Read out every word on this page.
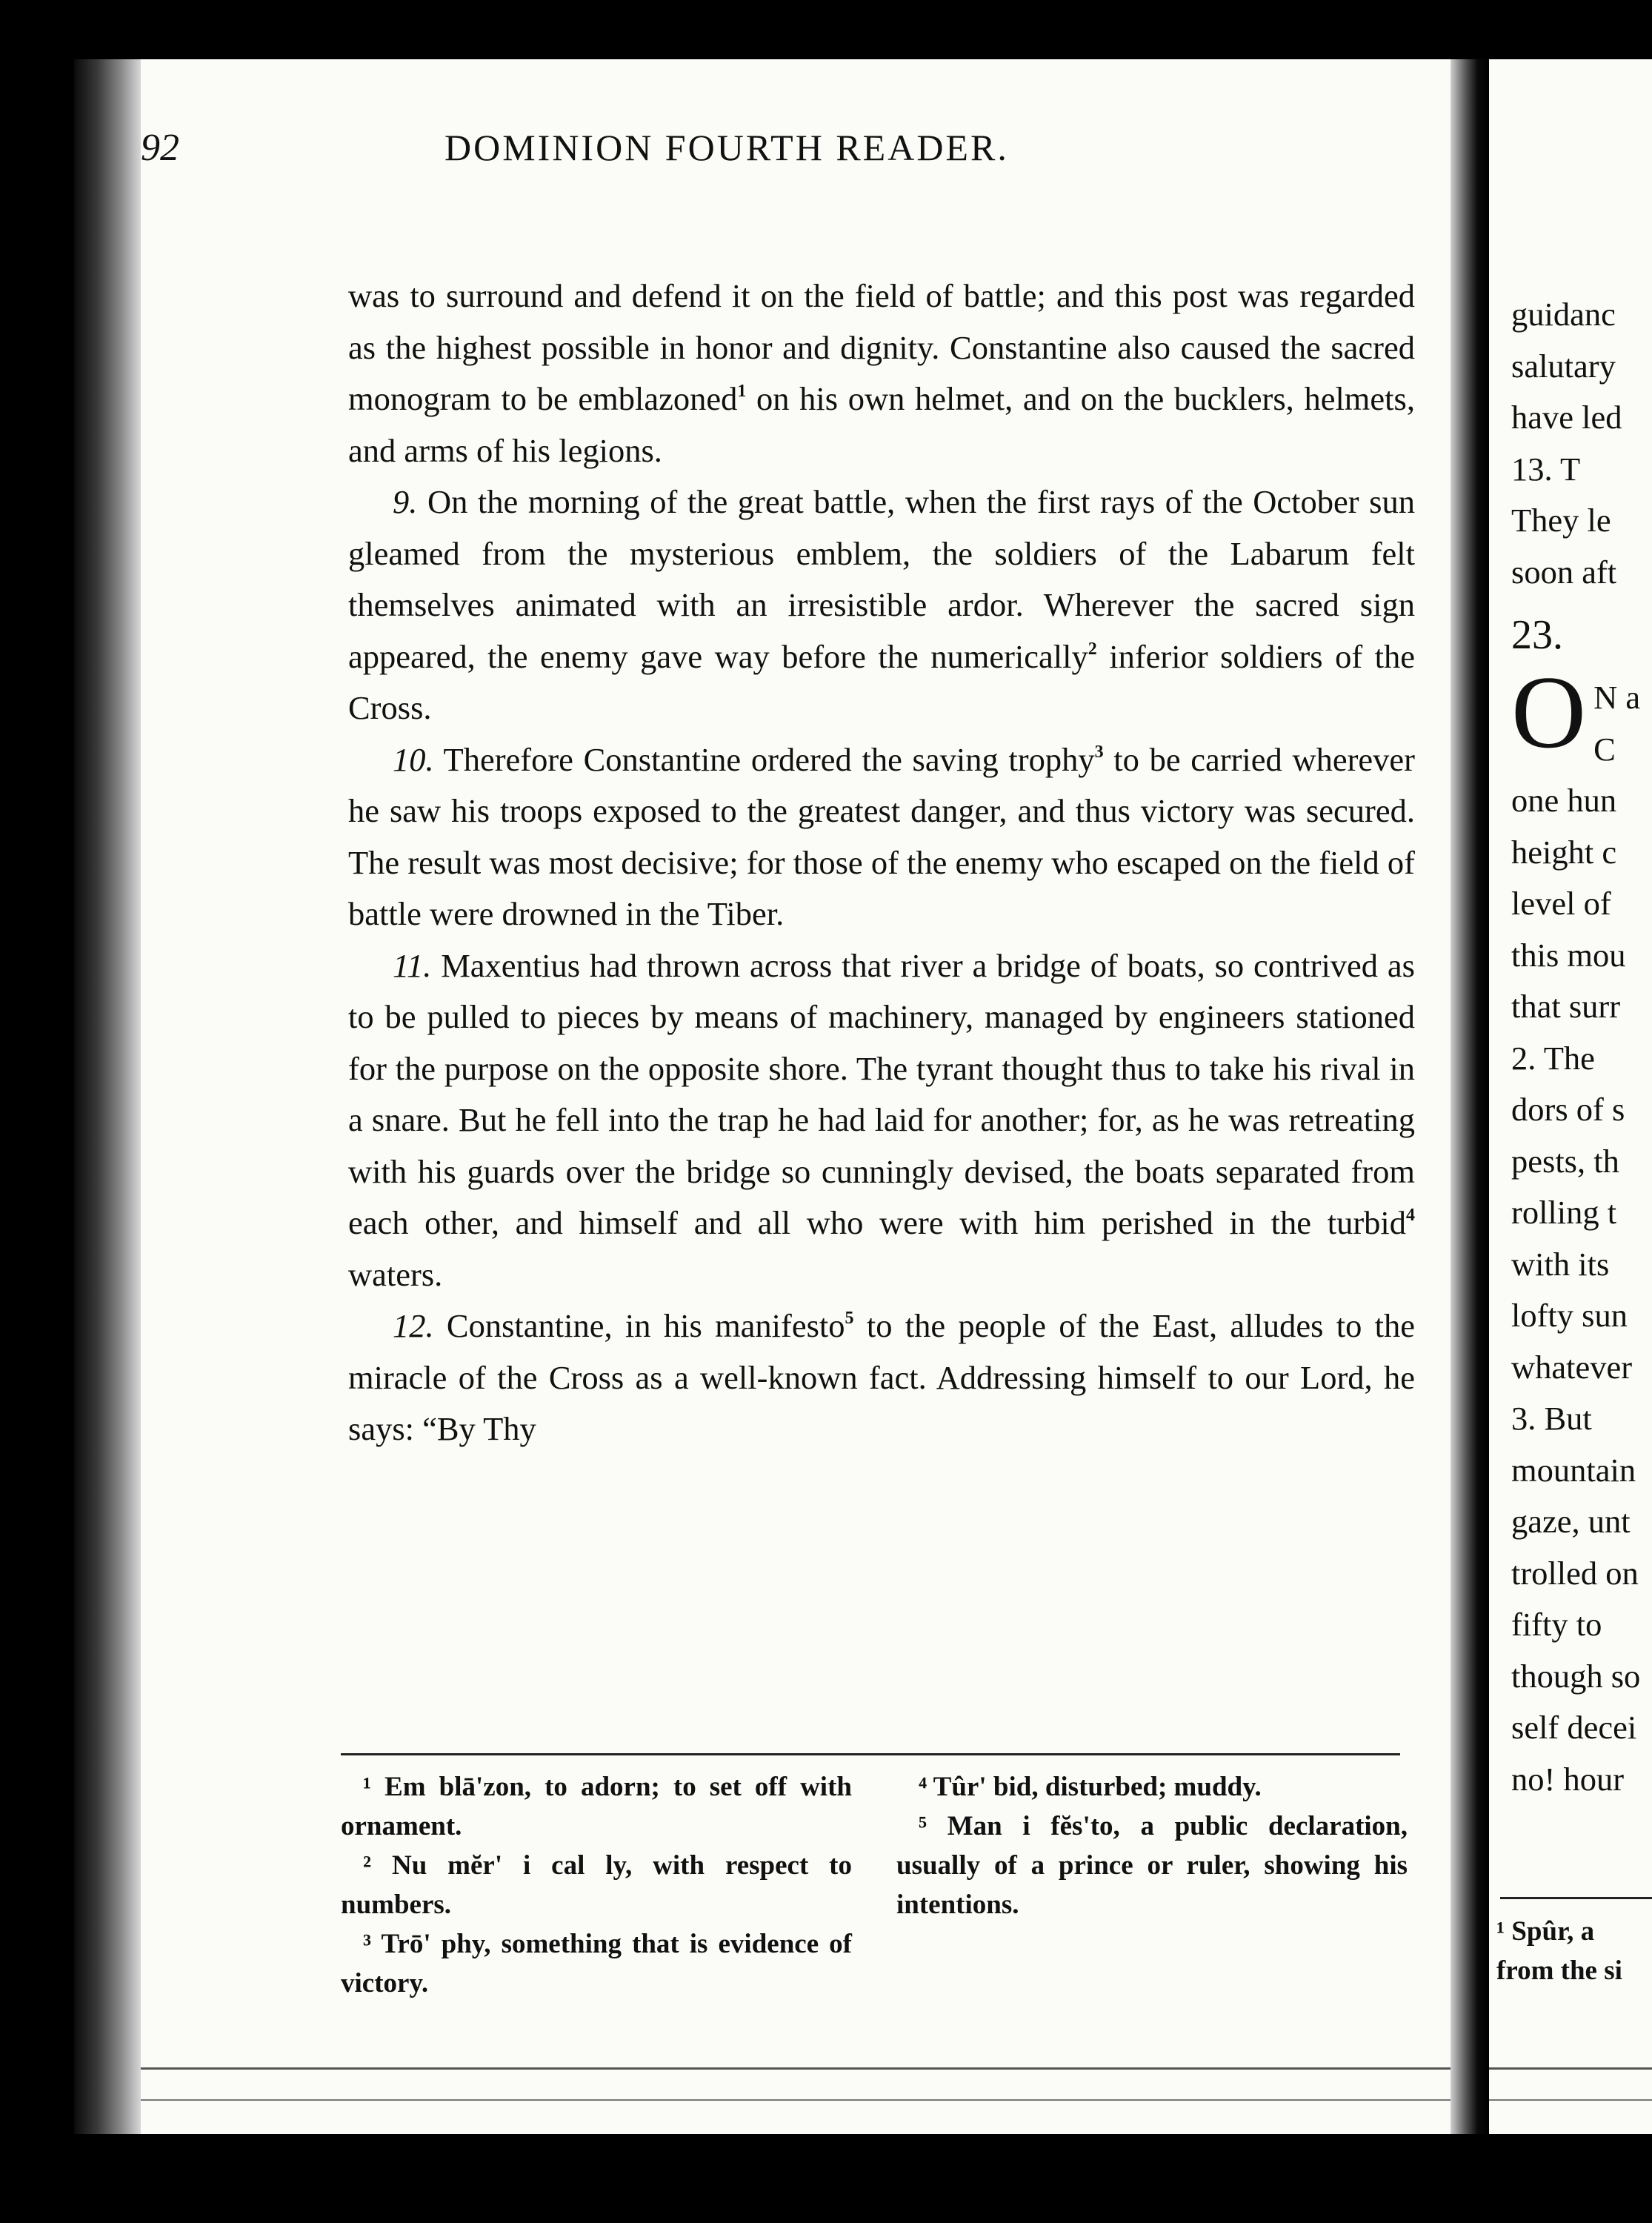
92	DOMINION FOURTH READER.

was to surround and defend it on the field of battle; and this post was regarded as the highest possible in honor and dignity. Constantine also caused the sacred monogram to be emblazoned$^1$ on his own helmet, and on the bucklers, helmets, and arms of his legions.

9. On the morning of the great battle, when the first rays of the October sun gleamed from the mysterious emblem, the soldiers of the Labarum felt themselves animated with an irresistible ardor. Wherever the sacred sign appeared, the enemy gave way before the numerically$^2$ inferior soldiers of the Cross.

10. Therefore Constantine ordered the saving trophy$^3$ to be carried wherever he saw his troops exposed to the greatest danger, and thus victory was secured. The result was most decisive; for those of the enemy who escaped on the field of battle were drowned in the Tiber.

11. Maxentius had thrown across that river a bridge of boats, so contrived as to be pulled to pieces by means of machinery, managed by engineers stationed for the purpose on the opposite shore. The tyrant thought thus to take his rival in a snare. But he fell into the trap he had laid for another; for, as he was retreating with his guards over the bridge so cunningly devised, the boats separated from each other, and himself and all who were with him perished in the turbid$^4$ waters.

12. Constantine, in his manifesto$^5$ to the people of the East, alludes to the miracle of the Cross as a well-known fact. Addressing himself to our Lord, he says: “By Thy

¹ Em blā'zon, to adorn; to set off with ornament.

² Nu mĕr' i cal ly, with respect to numbers.

³ Trō' phy, something that is evidence of victory.

⁴ Tûr' bid, disturbed; muddy.

⁵ Man i fĕs'to, a public declaration, usually of a prince or ruler, showing his intentions.

guidanc

salutary

have led

13. T

They le

soon aft

23.

O N a

C

one hun

height c

level of

this mou

that surr

2. The

dors of s

pests, th

rolling t

with its

lofty sun

whatever

3. But

mountain

gaze, unt

trolled on

fifty to

though so

self decei

no! hour

¹ Spûr, a
from the si
